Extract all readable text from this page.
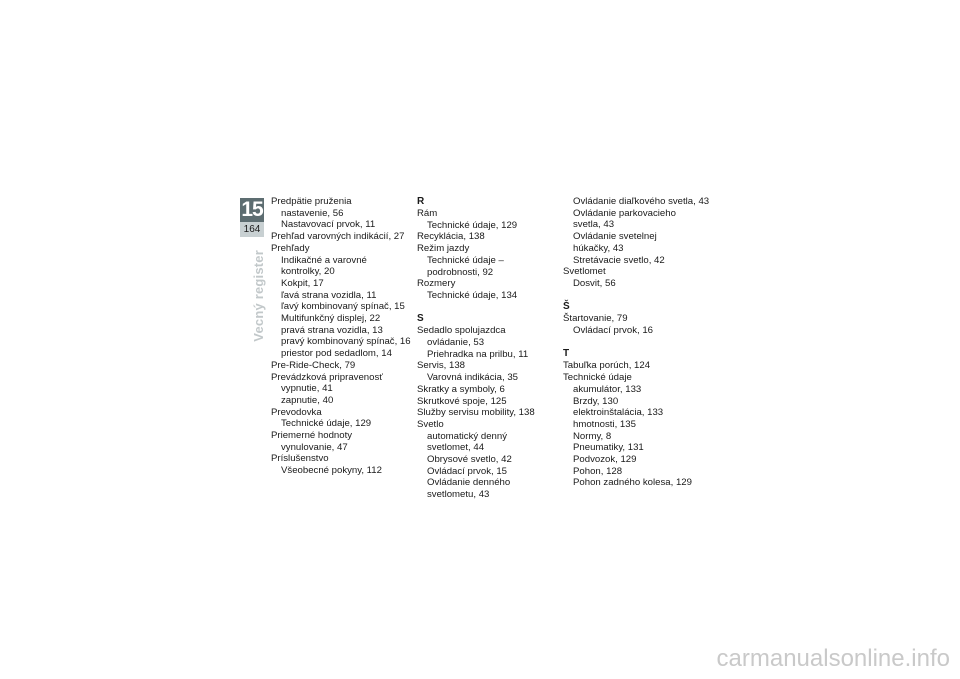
15
164
Vecný register
Predpätie pruženia
nastavenie, 56
Nastavovací prvok, 11
Prehľad varovných indikácií, 27
Prehľady
Indikačné a varovné
kontrolky, 20
Kokpit, 17
ľavá strana vozidla, 11
ľavý kombinovaný spínač, 15
Multifunkčný displej, 22
pravá strana vozidla, 13
pravý kombinovaný spínač, 16
priestor pod sedadlom, 14
Pre-Ride-Check, 79
Prevádzková pripravenosť
vypnutie, 41
zapnutie, 40
Prevodovka
Technické údaje, 129
Priemerné hodnoty
vynulovanie, 47
Príslušenstvo
Všeobecné pokyny, 112
R
Rám
Technické údaje, 129
Recyklácia, 138
Režim jazdy
Technické údaje –
podrobnosti, 92
Rozmery
Technické údaje, 134
S
Sedadlo spolujazdca
ovládanie, 53
Priehradka na prilbu, 11
Servis, 138
Varovná indikácia, 35
Skratky a symboly, 6
Skrutkové spoje, 125
Služby servisu mobility, 138
Svetlo
automatický denný
svetlomet, 44
Obrysové svetlo, 42
Ovládací prvok, 15
Ovládanie denného
svetlometu, 43
Ovládanie diaľkového svetla, 43
Ovládanie parkovacieho
svetla, 43
Ovládanie svetelnej
húkačky, 43
Stretávacie svetlo, 42
Svetlomet
Dosvit, 56
Š
Štartovanie, 79
Ovládací prvok, 16
T
Tabuľka porúch, 124
Technické údaje
akumulátor, 133
Brzdy, 130
elektroinštalácia, 133
hmotnosti, 135
Normy, 8
Pneumatiky, 131
Podvozok, 129
Pohon, 128
Pohon zadného kolesa, 129
carmanualsonline.info
